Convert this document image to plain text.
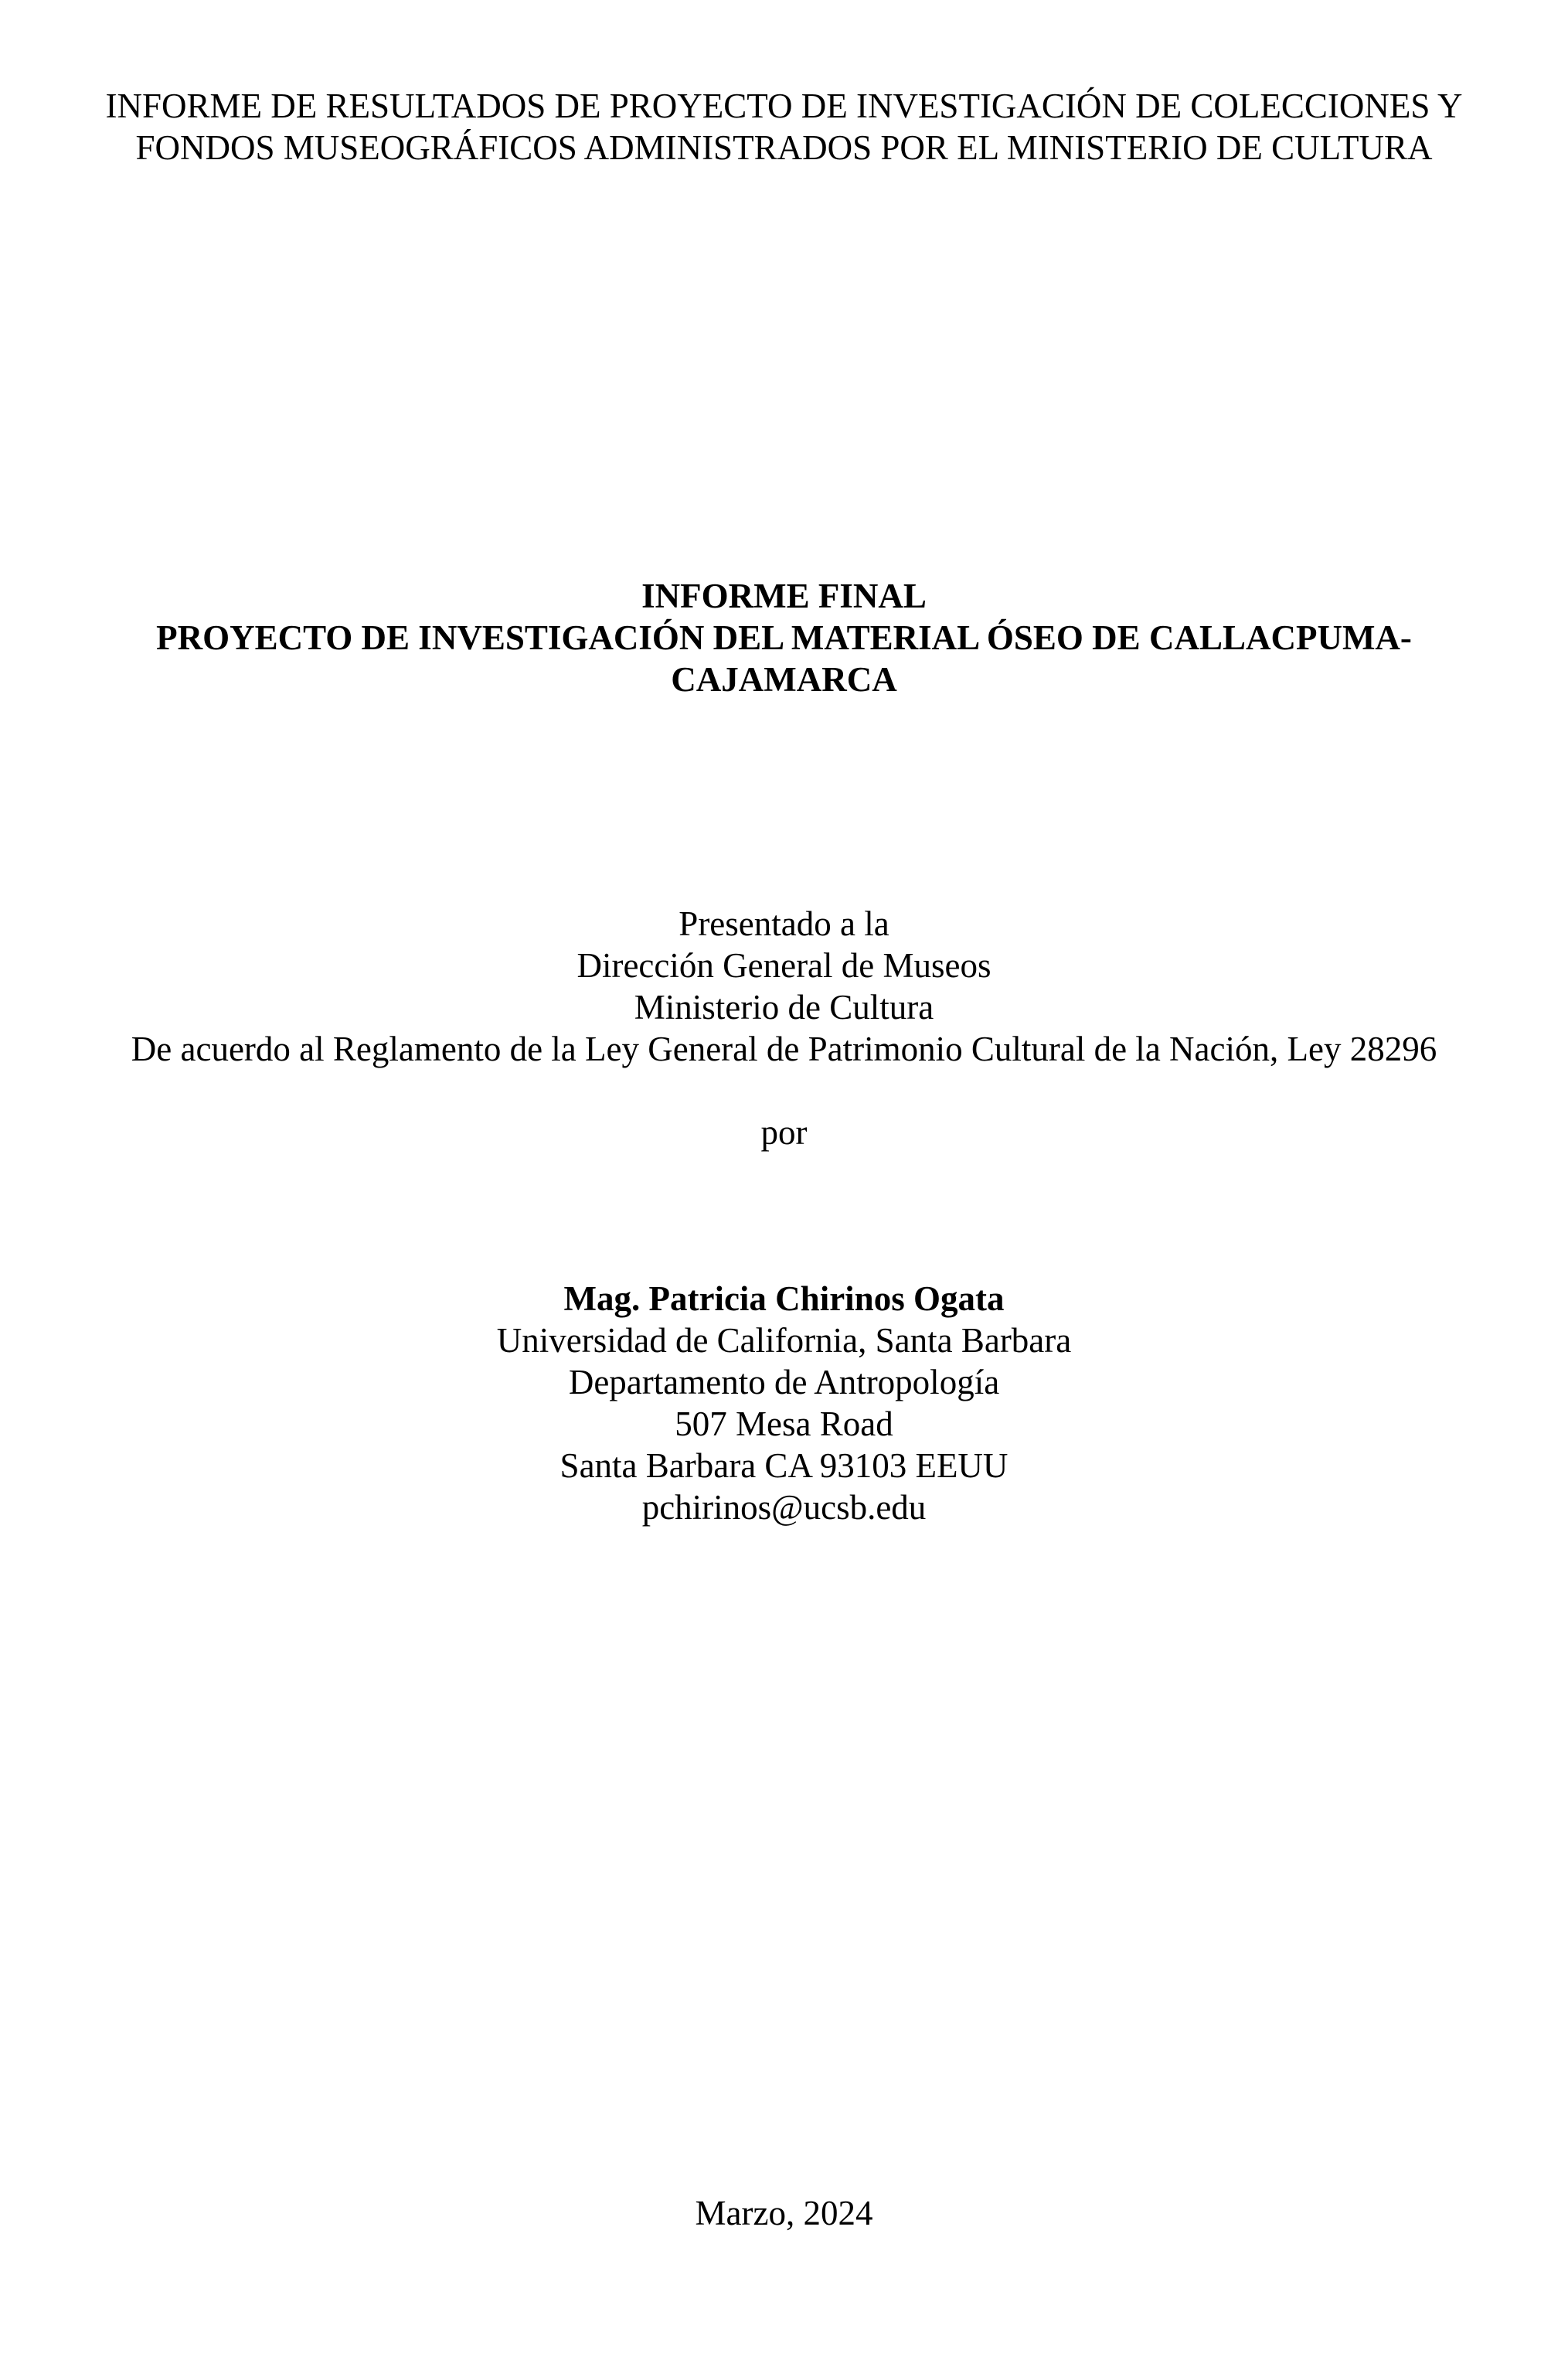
INFORME DE RESULTADOS DE PROYECTO DE INVESTIGACIÓN DE COLECCIONES Y
FONDOS MUSEOGRÁFICOS ADMINISTRADOS POR EL MINISTERIO DE CULTURA
INFORME FINAL
PROYECTO DE INVESTIGACIÓN DEL MATERIAL ÓSEO DE CALLACPUMA-
CAJAMARCA
Presentado a la
Dirección General de Museos
Ministerio de Cultura
De acuerdo al Reglamento de la Ley General de Patrimonio Cultural de la Nación, Ley 28296
por
Mag. Patricia Chirinos Ogata
Universidad de California, Santa Barbara
Departamento de Antropología
507 Mesa Road
Santa Barbara CA 93103 EEUU
pchirinos@ucsb.edu
Marzo, 2024
